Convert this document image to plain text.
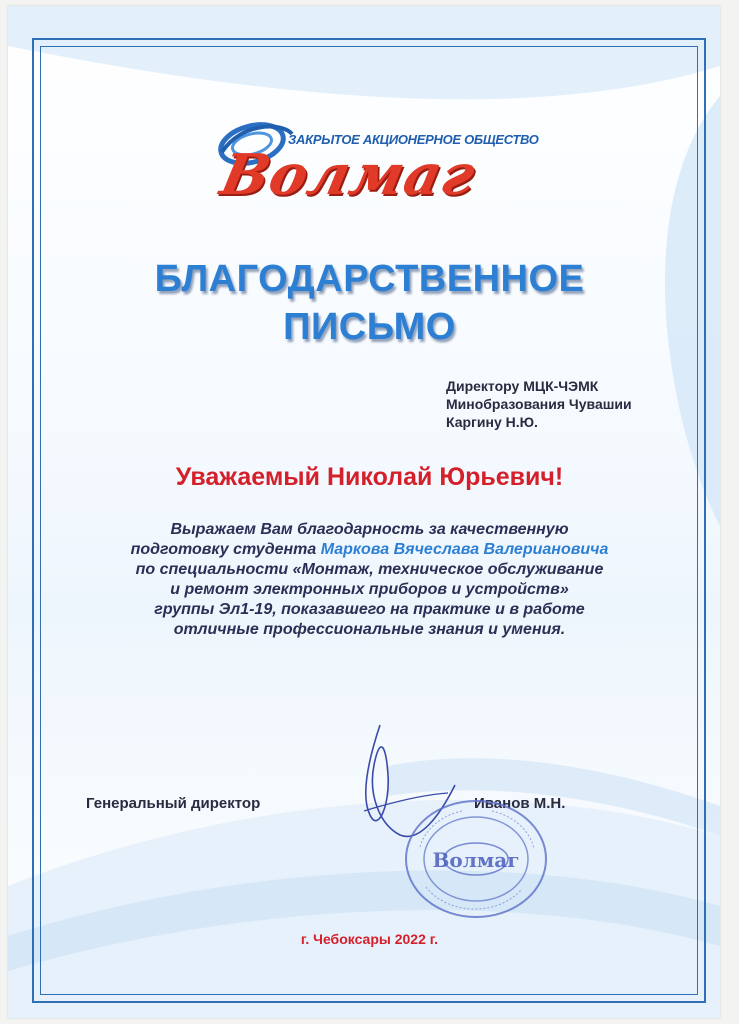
ЗАКРЫТОЕ АКЦИОНЕРНОЕ ОБЩЕСТВО
Волмаг
БЛАГОДАРСТВЕННОЕ
ПИСЬМО
Директору МЦК-ЧЭМК
Минобразования Чувашии
Каргину Н.Ю.
Уважаемый Николай Юрьевич!
Выражаем Вам благодарность за качественную
подготовку студента Маркова Вячеслава Валериановича
по специальности «Монтаж, техническое обслуживание
и ремонт электронных приборов и устройств»
группы Эл1-19, показавшего на практике и в работе
отличные профессиональные знания и умения.
Генеральный директор	Иванов М.Н.
Волмаг
г. Чебоксары 2022 г.
